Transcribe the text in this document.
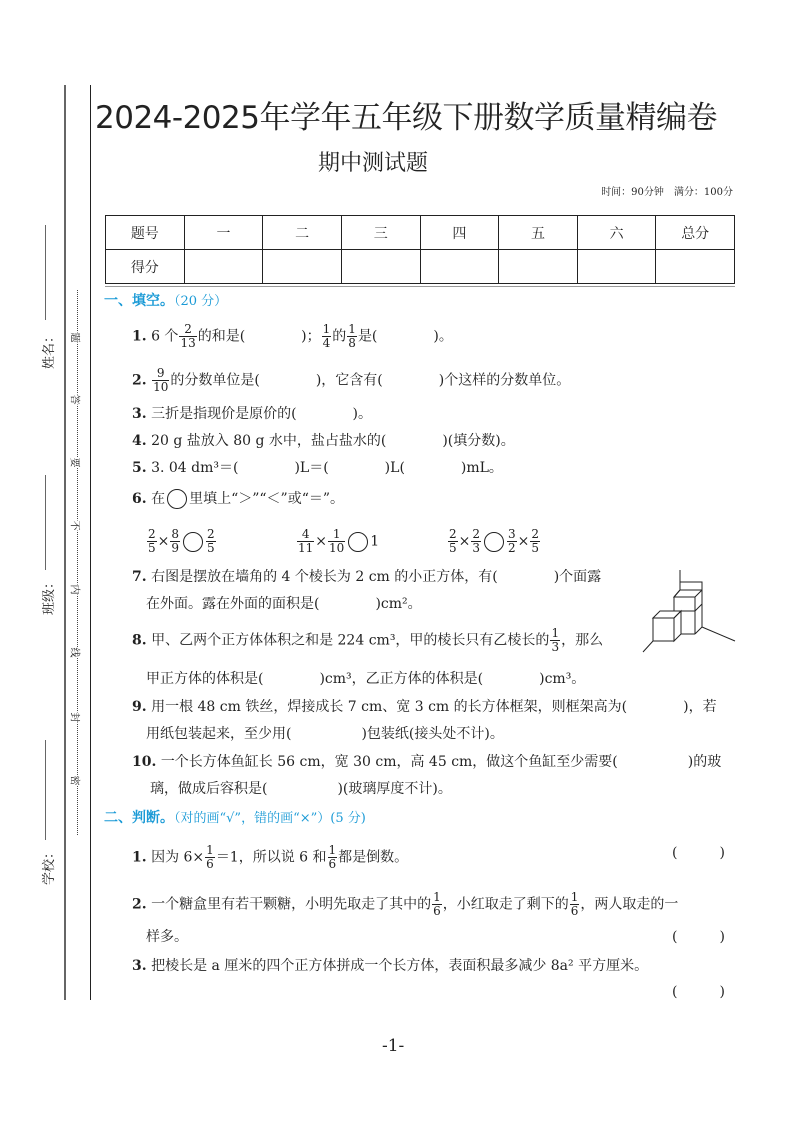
姓名：
班级：
学校：
题
答
要
不
内
线
封
密
2024-2025年学年五年级下册数学质量精编卷
期中测试题
时间：90分钟　满分：100分
题号	一	二	三	四	五	六	总分
得分							
一、填空。（20 分）
1. 6 个 $\frac{2}{13}$ 的和是(　　　　)； $\frac{1}{4}$ 的 $\frac{1}{8}$ 是(　　　　)。
2. $\frac{9}{10}$ 的分数单位是(　　　　)，它含有(　　　　)个这样的分数单位。
3. 三折是指现价是原价的(　　　　)。
4. 20 g 盐放入 80 g 水中，盐占盐水的(　　　　)(填分数)。
5. 3. 04 dm³＝(　　　　)L＝(　　　　)L(　　　　)mL。
6. 在 里填上“＞”“＜”或“＝”。
$\frac{2}{5} \times \frac{8}{9} \frac{2}{5}$	$\frac{4}{11} \times \frac{1}{10} 1$	$\frac{2}{5} \times \frac{2}{3} \frac{3}{2} \times \frac{2}{5}$
7. 右图是摆放在墙角的 4 个棱长为 2 cm 的小正方体，有(　　　　)个面露
在外面。露在外面的面积是(　　　　)cm²。
8. 甲、乙两个正方体体积之和是 224 cm³，甲的棱长只有乙棱长的 $\frac{1}{3}$ ，那么
甲正方体的体积是(　　　　)cm³，乙正方体的体积是(　　　　)cm³。
9. 用一根 48 cm 铁丝，焊接成长 7 cm、宽 3 cm 的长方体框架，则框架高为(　　　　)，若
用纸包装起来，至少用(　　　　　)包装纸(接头处不计)。
10. 一个长方体鱼缸长 56 cm，宽 30 cm，高 45 cm，做这个鱼缸至少需要(　　　　　)的玻
璃，做成后容积是(　　　　　)(玻璃厚度不计)。
二、判断。（对的画“√”，错的画“×”）(5 分)
1. 因为 $6\times \frac{1}{6} =1$，所以说 6 和 $\frac{1}{6}$ 都是倒数。	(　　　)
2. 一个糖盒里有若干颗糖，小明先取走了其中的 $\frac{1}{6}$ ，小红取走了剩下的 $\frac{1}{6}$ ，两人取走的一
样多。	(　　　)
3. 把棱长是 a 厘米的四个正方体拼成一个长方体，表面积最多减少 8a² 平方厘米。
(　　　)
-1-
